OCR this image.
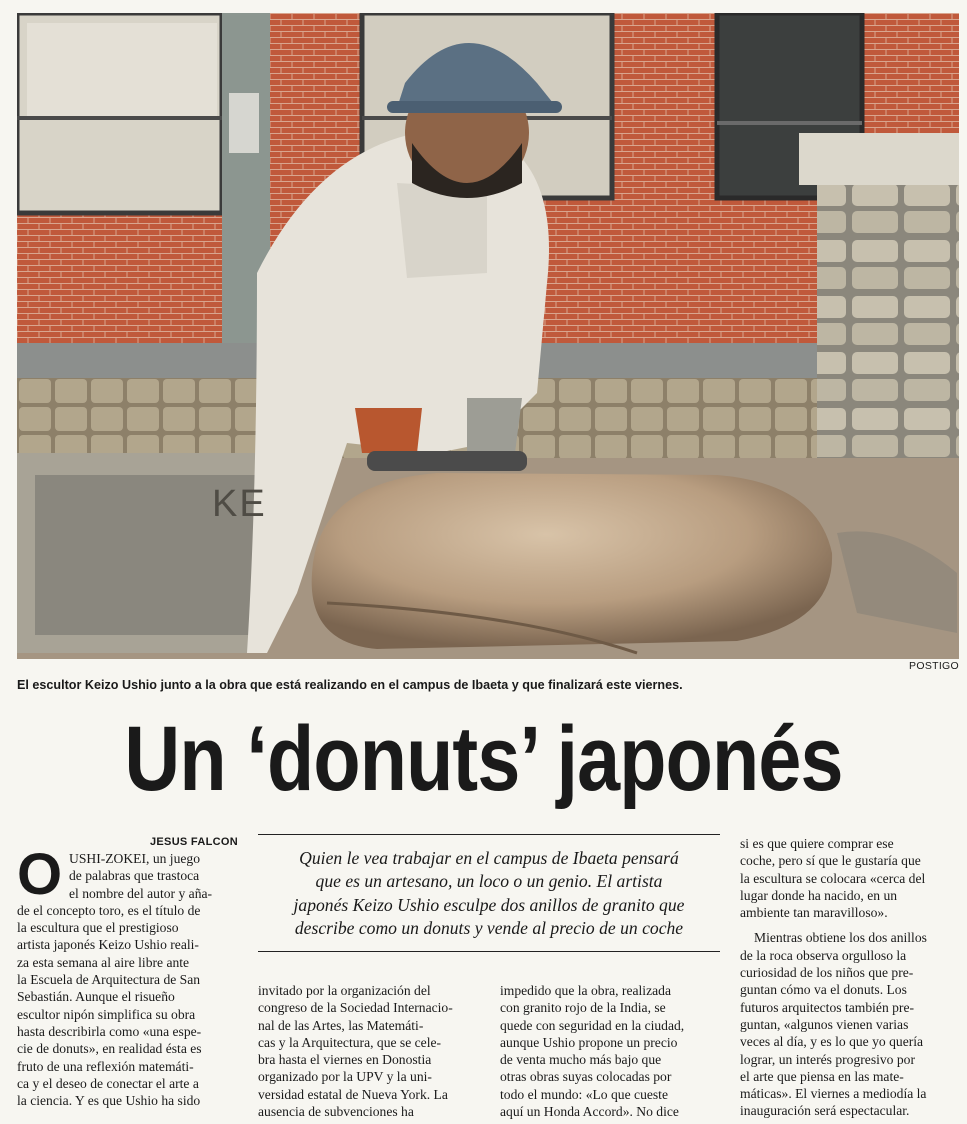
KE
POSTIGO
El escultor Keizo Ushio junto a la obra que está realizando en el campus de Ibaeta y que finalizará este viernes.
Un ‘donuts’ japonés
JESUS FALCON
O USHI-ZOKEI, un juego
de palabras que trastoca
el nombre del autor y aña-
de el concepto toro, es el título de
la escultura que el prestigioso
artista japonés Keizo Ushio reali-
za esta semana al aire libre ante
la Escuela de Arquitectura de San
Sebastián. Aunque el risueño
escultor nipón simplifica su obra
hasta describirla como «una espe-
cie de donuts», en realidad ésta es
fruto de una reflexión matemáti-
ca y el deseo de conectar el arte a
la ciencia. Y es que Ushio ha sido
Quien le vea trabajar en el campus de Ibaeta pensará
que es un artesano, un loco o un genio. El artista
japonés Keizo Ushio esculpe dos anillos de granito que
describe como un donuts y vende al precio de un coche
invitado por la organización del
congreso de la Sociedad Internacio-
nal de las Artes, las Matemáti-
cas y la Arquitectura, que se cele-
bra hasta el viernes en Donostia
organizado por la UPV y la uni-
versidad estatal de Nueva York. La
ausencia de subvenciones ha
impedido que la obra, realizada
con granito rojo de la India, se
quede con seguridad en la ciudad,
aunque Ushio propone un precio
de venta mucho más bajo que
otras obras suyas colocadas por
todo el mundo: «Lo que cueste
aquí un Honda Accord». No dice
si es que quiere comprar ese
coche, pero sí que le gustaría que
la escultura se colocara «cerca del
lugar donde ha nacido, en un
ambiente tan maravilloso».
Mientras obtiene los dos anillos
de la roca observa orgulloso la
curiosidad de los niños que pre-
guntan cómo va el donuts. Los
futuros arquitectos también pre-
guntan, «algunos vienen varias
veces al día, y es lo que yo quería
lograr, un interés progresivo por
el arte que piensa en las mate-
máticas». El viernes a mediodía la
inauguración será espectacular.
